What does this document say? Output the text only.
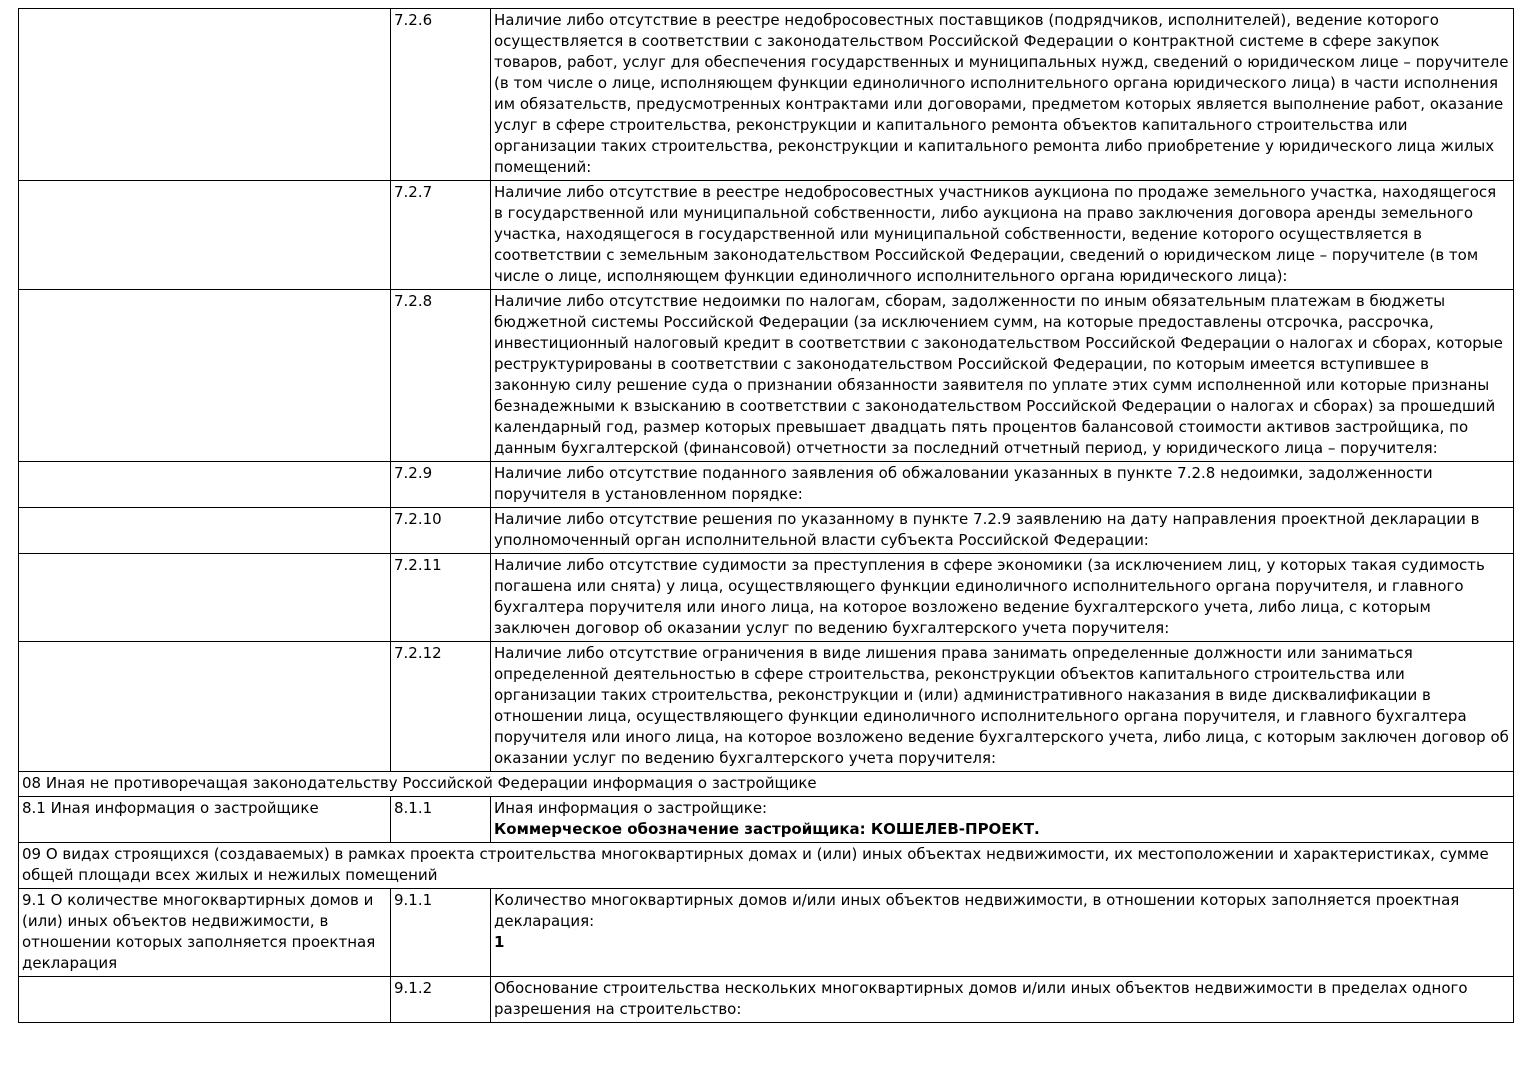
	7.2.6	Наличие либо отсутствие в реестре недобросовестных поставщиков (подрядчиков, исполнителей), ведение которого осуществляется в соответствии с законодательством Российской Федерации о контрактной системе в сфере закупок товаров, работ, услуг для обеспечения государственных и муниципальных нужд, сведений о юридическом лице – поручителе (в том числе о лице, исполняющем функции единоличного исполнительного органа юридического лица) в части исполнения им обязательств, предусмотренных контрактами или договорами, предметом которых является выполнение работ, оказание услуг в сфере строительства, реконструкции и капитального ремонта объектов капитального строительства или организации таких строительства, реконструкции и капитального ремонта либо приобретение у юридического лица жилых помещений:
	7.2.7	Наличие либо отсутствие в реестре недобросовестных участников аукциона по продаже земельного участка, находящегося в государственной или муниципальной собственности, либо аукциона на право заключения договора аренды земельного участка, находящегося в государственной или муниципальной собственности, ведение которого осуществляется в соответствии с земельным законодательством Российской Федерации, сведений о юридическом лице – поручителе (в том числе о лице, исполняющем функции единоличного исполнительного органа юридического лица):
	7.2.8	Наличие либо отсутствие недоимки по налогам, сборам, задолженности по иным обязательным платежам в бюджеты бюджетной системы Российской Федерации (за исключением сумм, на которые предоставлены отсрочка, рассрочка, инвестиционный налоговый кредит в соответствии с законодательством Российской Федерации о налогах и сборах, которые реструктурированы в соответствии с законодательством Российской Федерации, по которым имеется вступившее в законную силу решение суда о признании обязанности заявителя по уплате этих сумм исполненной или которые признаны безнадежными к взысканию в соответствии с законодательством Российской Федерации о налогах и сборах) за прошедший календарный год, размер которых превышает двадцать пять процентов балансовой стоимости активов застройщика, по данным бухгалтерской (финансовой) отчетности за последний отчетный период, у юридического лица – поручителя:
	7.2.9	Наличие либо отсутствие поданного заявления об обжаловании указанных в пункте 7.2.8 недоимки, задолженности поручителя в установленном порядке:
	7.2.10	Наличие либо отсутствие решения по указанному в пункте 7.2.9 заявлению на дату направления проектной декларации в уполномоченный орган исполнительной власти субъекта Российской Федерации:
	7.2.11	Наличие либо отсутствие судимости за преступления в сфере экономики (за исключением лиц, у которых такая судимость погашена или снята) у лица, осуществляющего функции единоличного исполнительного органа поручителя, и главного бухгалтера поручителя или иного лица, на которое возложено ведение бухгалтерского учета, либо лица, с которым заключен договор об оказании услуг по ведению бухгалтерского учета поручителя:
	7.2.12	Наличие либо отсутствие ограничения в виде лишения права занимать определенные должности или заниматься определенной деятельностью в сфере строительства, реконструкции объектов капитального строительства или организации таких строительства, реконструкции и (или) административного наказания в виде дисквалификации в отношении лица, осуществляющего функции единоличного исполнительного органа поручителя, и главного бухгалтера поручителя или иного лица, на которое возложено ведение бухгалтерского учета, либо лица, с которым заключен договор об оказании услуг по ведению бухгалтерского учета поручителя:
08 Иная не противоречащая законодательству Российской Федерации информация о застройщике		
8.1 Иная информация о застройщике	8.1.1	Иная информация о застройщике:
Коммерческое обозначение застройщика: КОШЕЛЕВ-ПРОЕКТ.

09 О видах строящихся (создаваемых) в рамках проекта строительства многоквартирных домах и (или) иных объектах недвижимости, их местоположении и характеристиках, сумме общей площади всех жилых и нежилых помещений		
9.1 О количестве многоквартирных домов и (или) иных объектов недвижимости, в отношении которых заполняется проектная декларация	9.1.1	Количество многоквартирных домов и/или иных объектов недвижимости, в отношении которых заполняется проектная декларация:
1

	9.1.2	Обоснование строительства нескольких многоквартирных домов и/или иных объектов недвижимости в пределах одного разрешения на строительство:
